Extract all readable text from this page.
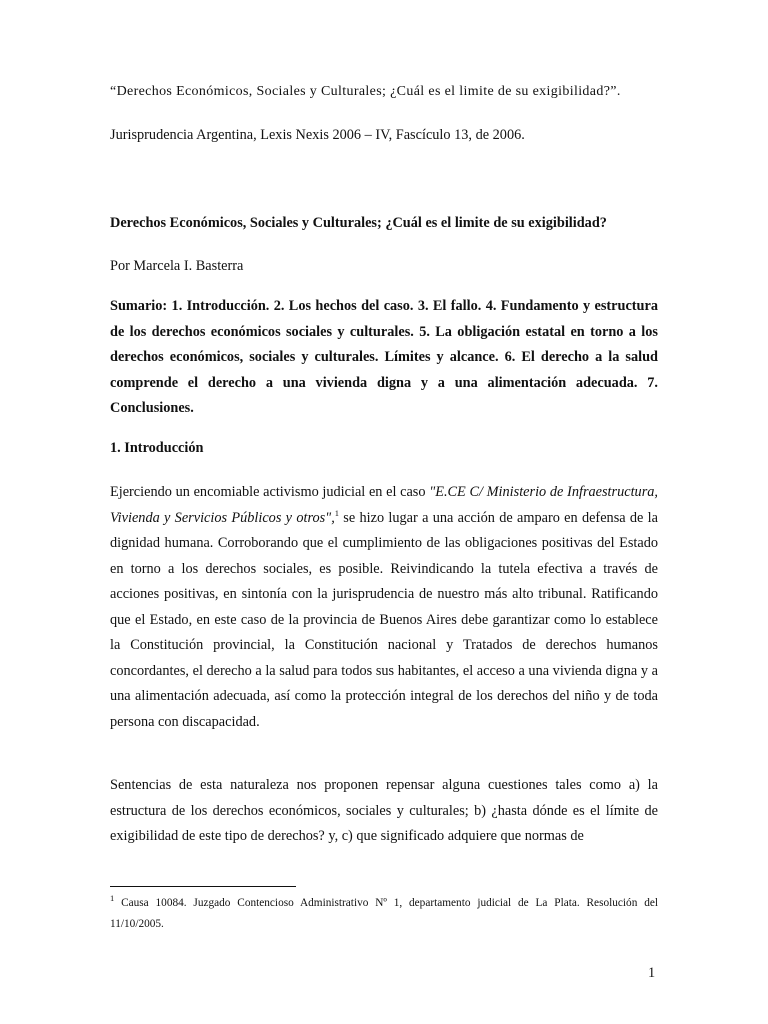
“Derechos Económicos, Sociales y Culturales; ¿Cuál es el limite de su exigibilidad?”.
Jurisprudencia Argentina, Lexis Nexis 2006 – IV, Fascículo 13, de 2006.
Derechos Económicos, Sociales y Culturales; ¿Cuál es el limite de su exigibilidad?
Por Marcela I. Basterra
Sumario: 1. Introducción. 2. Los hechos del caso. 3. El fallo. 4. Fundamento y estructura de los derechos económicos sociales y culturales. 5. La obligación estatal en torno a los derechos económicos, sociales y culturales. Límites y alcance. 6. El derecho a la salud comprende el derecho a una vivienda digna y a una alimentación adecuada. 7. Conclusiones.
1. Introducción
Ejerciendo un encomiable activismo judicial en el caso "E.CE C/ Ministerio de Infraestructura, Vivienda y Servicios Públicos y otros",$^1$ se hizo lugar a una acción de amparo en defensa de la dignidad humana. Corroborando que el cumplimiento de las obligaciones positivas del Estado en torno a los derechos sociales, es posible. Reivindicando la tutela efectiva a través de acciones positivas, en sintonía con la jurisprudencia de nuestro más alto tribunal. Ratificando que el Estado, en este caso de la provincia de Buenos Aires debe garantizar como lo establece la Constitución provincial, la Constitución nacional y Tratados de derechos humanos concordantes, el derecho a la salud para todos sus habitantes, el acceso a una vivienda digna y a una alimentación adecuada, así como la protección integral de los derechos del niño y de toda persona con discapacidad.
Sentencias de esta naturaleza nos proponen repensar alguna cuestiones tales como a) la estructura de los derechos económicos, sociales y culturales; b) ¿hasta dónde es el límite de exigibilidad de este tipo de derechos? y, c) que significado adquiere que normas de
$^1$ Causa 10084. Juzgado Contencioso Administrativo Nº 1, departamento judicial de La Plata. Resolución del 11/10/2005.
1
